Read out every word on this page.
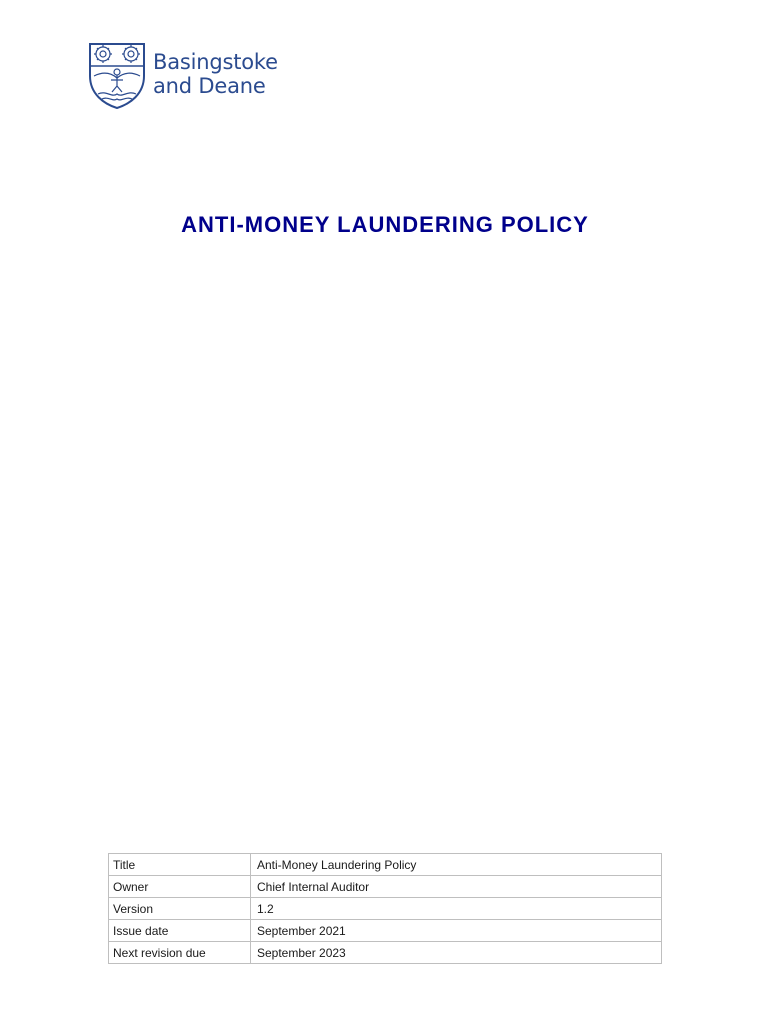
Basingstoke
and Deane
ANTI-MONEY LAUNDERING POLICY
Title	Anti-Money Laundering Policy
Owner	Chief Internal Auditor
Version	1.2
Issue date	September 2021
Next revision due	September 2023
